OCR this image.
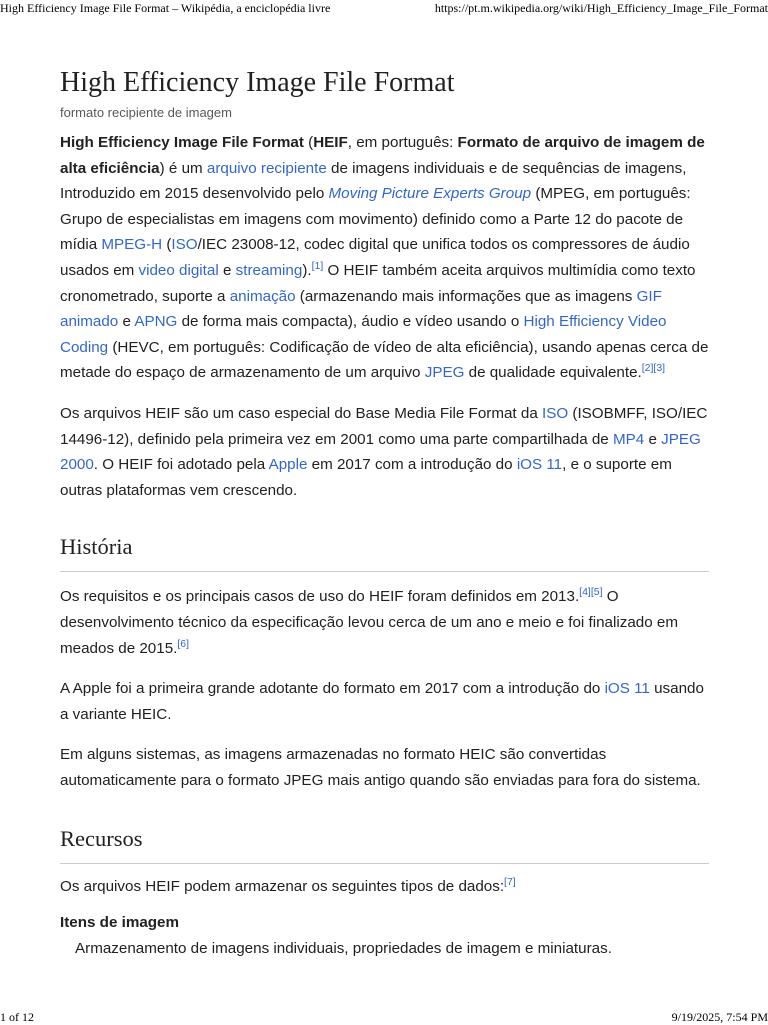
High Efficiency Image File Format – Wikipédia, a enciclopédia livre	https://pt.m.wikipedia.org/wiki/High_Efficiency_Image_File_Format
High Efficiency Image File Format
formato recipiente de imagem

High Efficiency Image File Format (HEIF, em português: Formato de arquivo de imagem de alta eficiência) é um arquivo recipiente de imagens individuais e de sequências de imagens, Introduzido em 2015 desenvolvido pelo Moving Picture Experts Group (MPEG, em português: Grupo de especialistas em imagens com movimento) definido como a Parte 12 do pacote de mídia MPEG-H (ISO/IEC 23008-12, codec digital que unifica todos os compressores de áudio usados em video digital e streaming).[1] O HEIF também aceita arquivos multimídia como texto cronometrado, suporte a animação (armazenando mais informações que as imagens GIF animado e APNG de forma mais compacta), áudio e vídeo usando o High Efficiency Video Coding (HEVC, em português: Codificação de vídeo de alta eficiência), usando apenas cerca de metade do espaço de armazenamento de um arquivo JPEG de qualidade equivalente.[2][3]

Os arquivos HEIF são um caso especial do Base Media File Format da ISO (ISOBMFF, ISO/IEC 14496-12), definido pela primeira vez em 2001 como uma parte compartilhada de MP4 e JPEG 2000. O HEIF foi adotado pela Apple em 2017 com a introdução do iOS 11, e o suporte em outras plataformas vem crescendo.

História

Os requisitos e os principais casos de uso do HEIF foram definidos em 2013.[4][5] O desenvolvimento técnico da especificação levou cerca de um ano e meio e foi finalizado em meados de 2015.[6]

A Apple foi a primeira grande adotante do formato em 2017 com a introdução do iOS 11 usando a variante HEIC.

Em alguns sistemas, as imagens armazenadas no formato HEIC são convertidas automaticamente para o formato JPEG mais antigo quando são enviadas para fora do sistema.

Recursos

Os arquivos HEIF podem armazenar os seguintes tipos de dados:[7]

Itens de imagem
Armazenamento de imagens individuais, propriedades de imagem e miniaturas.
1 of 12	9/19/2025, 7:54 PM
